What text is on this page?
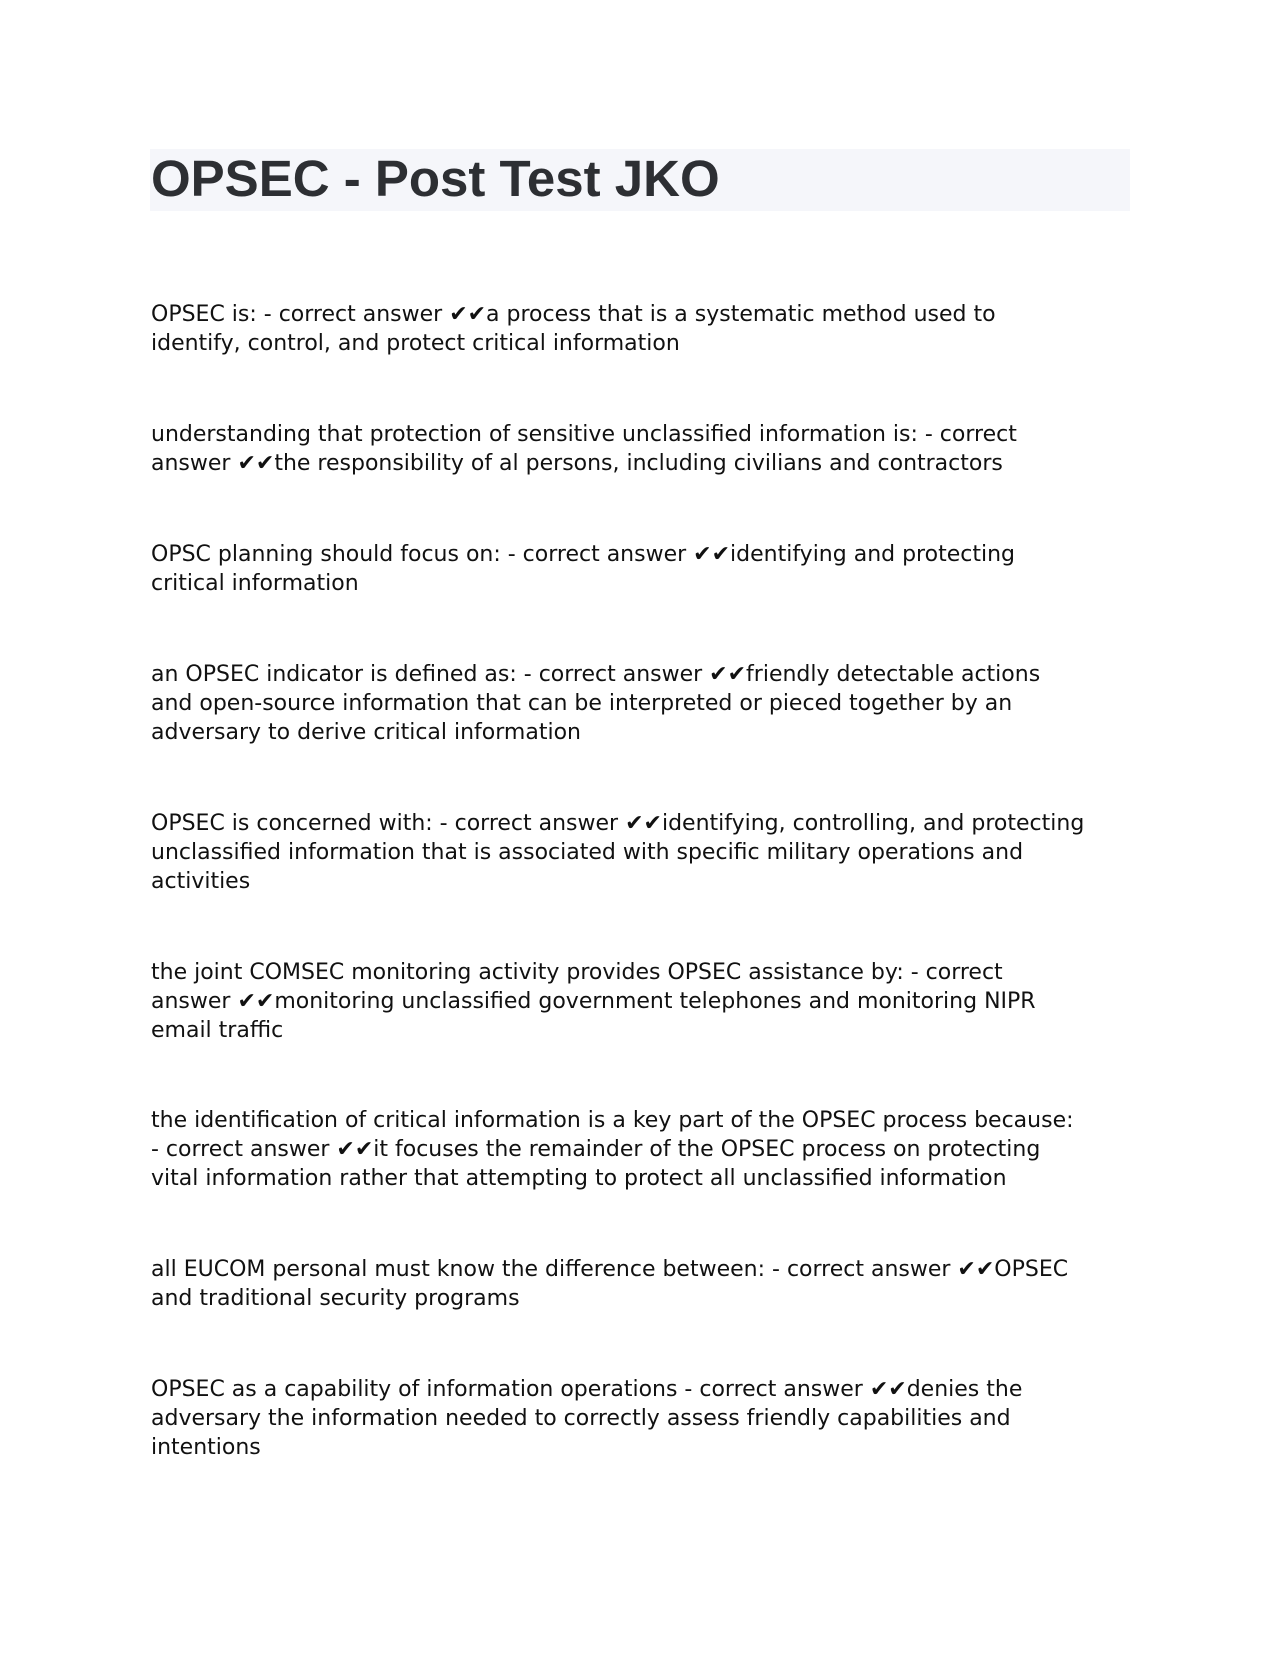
OPSEC - Post Test JKO

OPSEC is: - correct answer ✔✔a process that is a systematic method used to
identify, control, and protect critical information

understanding that protection of sensitive unclassified information is: - correct
answer ✔✔the responsibility of al persons, including civilians and contractors

OPSC planning should focus on: - correct answer ✔✔identifying and protecting
critical information

an OPSEC indicator is defined as: - correct answer ✔✔friendly detectable actions
and open-source information that can be interpreted or pieced together by an
adversary to derive critical information

OPSEC is concerned with: - correct answer ✔✔identifying, controlling, and protecting
unclassified information that is associated with specific military operations and
activities

the joint COMSEC monitoring activity provides OPSEC assistance by: - correct
answer ✔✔monitoring unclassified government telephones and monitoring NIPR
email traffic

the identification of critical information is a key part of the OPSEC process because:
- correct answer ✔✔it focuses the remainder of the OPSEC process on protecting
vital information rather that attempting to protect all unclassified information

all EUCOM personal must know the difference between: - correct answer ✔✔OPSEC
and traditional security programs

OPSEC as a capability of information operations - correct answer ✔✔denies the
adversary the information needed to correctly assess friendly capabilities and
intentions
